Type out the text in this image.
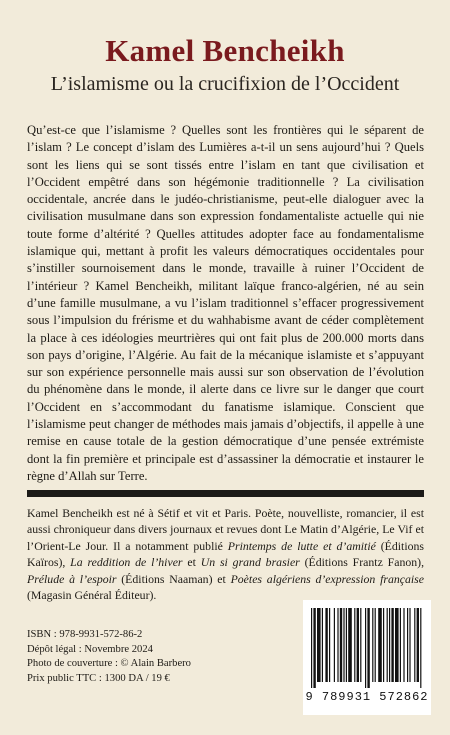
Kamel Bencheikh
L’islamisme ou la crucifixion de l’Occident
Qu’est-ce que l’islamisme ? Quelles sont les frontières qui le séparent de l’islam ? Le concept d’islam des Lumières a-t-il un sens aujourd’hui ? Quels sont les liens qui se sont tissés entre l’islam en tant que civilisation et l’Occident empêtré dans son hégémonie traditionnelle ? La civilisation occidentale, ancrée dans le judéo-christianisme, peut-elle dialoguer avec la civilisation musulmane dans son expression fondamentaliste actuelle qui nie toute forme d’altérité ? Quelles attitudes adopter face au fondamentalisme islamique qui, mettant à profit les valeurs démocratiques occidentales pour s’instiller sournoisement dans le monde, travaille à ruiner l’Occident de l’intérieur ? Kamel Bencheikh, militant laïque franco-algérien, né au sein d’une famille musulmane, a vu l’islam traditionnel s’effacer progressivement sous l’impulsion du frérisme et du wahhabisme avant de céder complètement la place à ces idéologies meurtrières qui ont fait plus de 200.000 morts dans son pays d’origine, l’Algérie. Au fait de la mécanique islamiste et s’appuyant sur son expérience personnelle mais aussi sur son observation de l’évolution du phénomène dans le monde, il alerte dans ce livre sur le danger que court l’Occident en s’accommodant du fanatisme islamique. Conscient que l’islamisme peut changer de méthodes mais jamais d’objectifs, il appelle à une remise en cause totale de la gestion démocratique d’une pensée extrémiste dont la fin première et principale est d’assassiner la démocratie et instaurer le règne d’Allah sur Terre.
Kamel Bencheikh est né à Sétif et vit et Paris. Poète, nouvelliste, romancier, il est aussi chroniqueur dans divers journaux et revues dont Le Matin d’Algérie, Le Vif et l’Orient-Le Jour. Il a notamment publié Printemps de lutte et d’amitié (Éditions Kaïros), La reddition de l’hiver et Un si grand brasier (Éditions Frantz Fanon), Prélude à l’espoir (Éditions Naaman) et Poètes algériens d’expression française (Magasin Général Éditeur).
ISBN : 978-9931-572-86-2
Dépôt légal : Novembre 2024
Photo de couverture : © Alain Barbero
Prix public TTC : 1300 DA / 19 €
9 789931 572862
